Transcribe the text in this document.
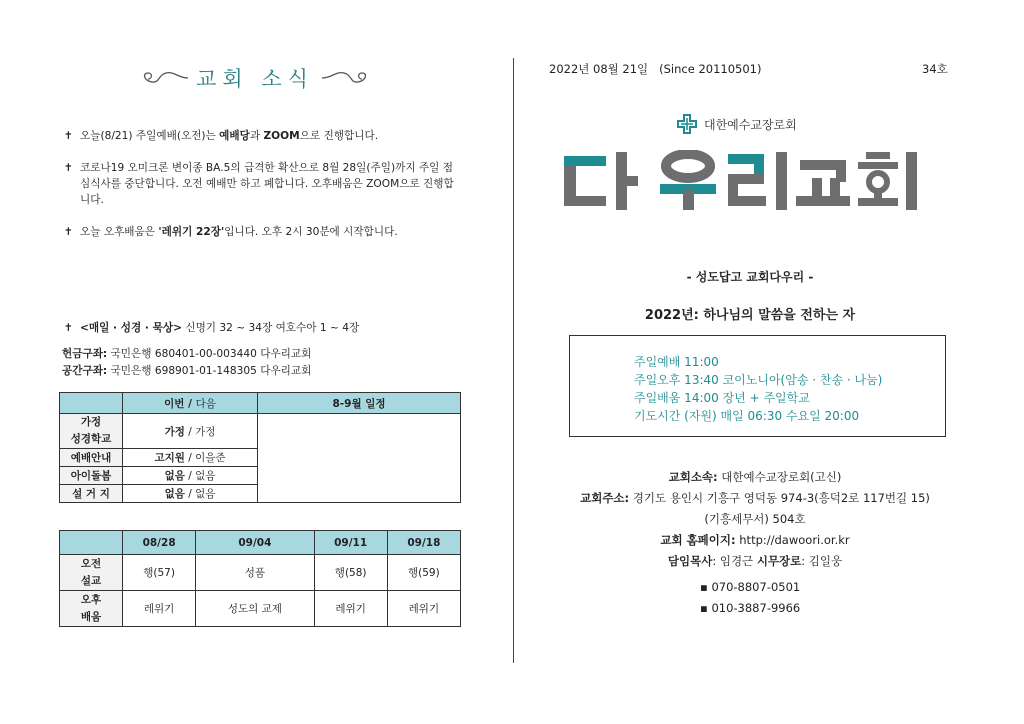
교회 소식
✝ 오늘(8/21) 주일예배(오전)는 예배당과 ZOOM으로 진행합니다.
✝ 코로나19 오미크론 변이종 BA.5의 급격한 확산으로 8월 28일(주일)까지 주일 점심식사를 중단합니다. 오전 예배만 하고 폐합니다. 오후배움은 ZOOM으로 진행합니다.
✝ 오늘 오후배움은 '레위기 22장'입니다. 오후 2시 30분에 시작합니다.
✝ <매일 · 성경 · 묵상> 신명기 32 ~ 34장 여호수아 1 ~ 4장
헌금구좌: 국민은행 680401-00-003440 다우리교회
공간구좌: 국민은행 698901-01-148305 다우리교회
	이번 / 다음	8-9월 일정
가정
성경학교	가정 / 가정	
예배안내	고지원 / 이을준	
아이돌봄	없음 / 없음	
설 거 지	없음 / 없음	
	08/28	09/04	09/11	09/18
오전
설교	행(57)	성품	행(58)	행(59)
오후
배움	레위기	성도의 교제	레위기	레위기
2022년 08월 21일 (Since 20110501)	34호
대한예수교장로회
- 성도답고 교회다우리 -
2022년: 하나님의 말씀을 전하는 자
주일예배 11:00
주일오후 13:40 코이노니아(암송 · 찬송 · 나눔)
주일배움 14:00 장년 + 주일학교
기도시간 (자원) 매일 06:30 수요일 20:00
교회소속: 대한예수교장로회(고신)
교회주소: 경기도 용인시 기흥구 영덕동 974-3(흥덕2로 117번길 15)
(기흥세무서) 504호
교회 홈페이지: http://dawoori.or.kr
담임목사: 임경근 시무장로: 김일웅
▪ 070-8807-0501
▪ 010-3887-9966
